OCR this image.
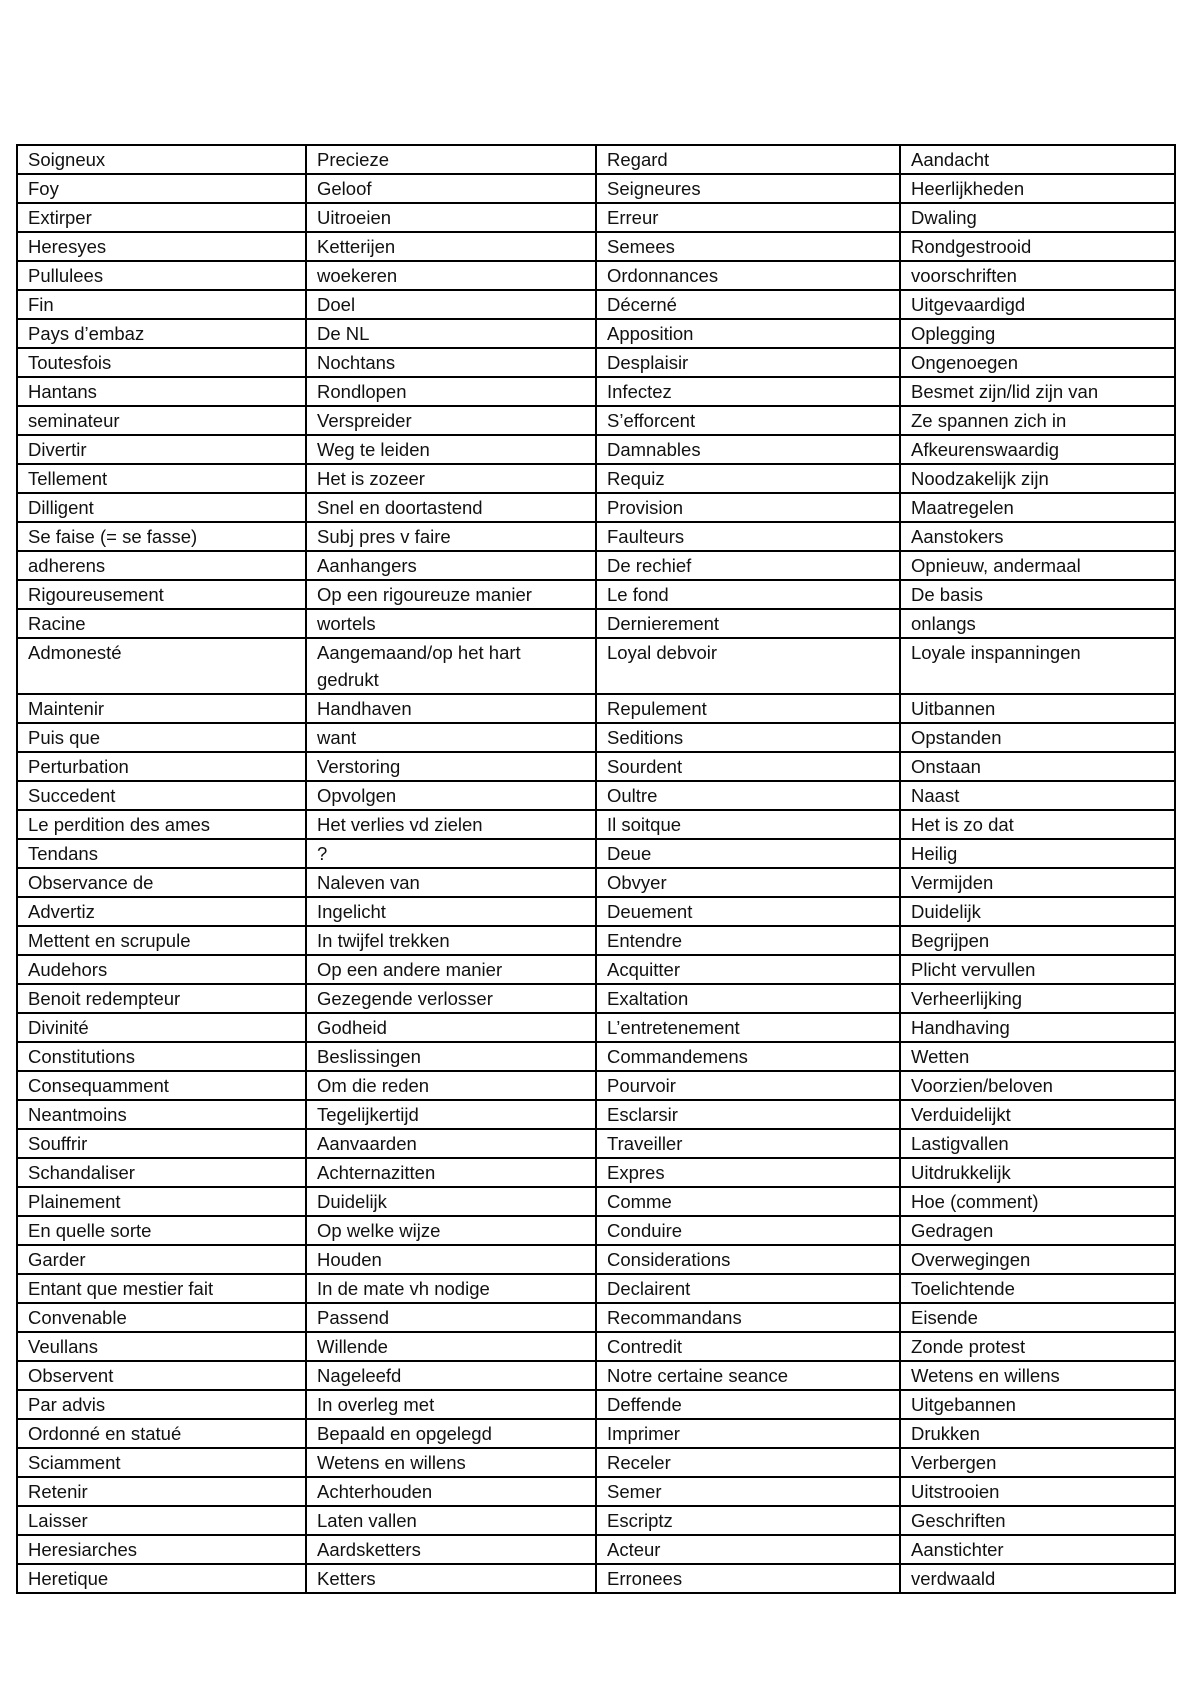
Soigneux	Precieze	Regard	Aandacht
Foy	Geloof	Seigneures	Heerlijkheden
Extirper	Uitroeien	Erreur	Dwaling
Heresyes	Ketterijen	Semees	Rondgestrooid
Pullulees	woekeren	Ordonnances	voorschriften
Fin	Doel	Décerné	Uitgevaardigd
Pays d’embaz	De NL	Apposition	Oplegging
Toutesfois	Nochtans	Desplaisir	Ongenoegen
Hantans	Rondlopen	Infectez	Besmet zijn/lid zijn van
seminateur	Verspreider	S’efforcent	Ze spannen zich in
Divertir	Weg te leiden	Damnables	Afkeurenswaardig
Tellement	Het is zozeer	Requiz	Noodzakelijk zijn
Dilligent	Snel en doortastend	Provision	Maatregelen
Se faise (= se fasse)	Subj pres v faire	Faulteurs	Aanstokers
adherens	Aanhangers	De rechief	Opnieuw, andermaal
Rigoureusement	Op een rigoureuze manier	Le fond	De basis
Racine	wortels	Dernierement	onlangs
Admonesté	Aangemaand/op het hart gedrukt	Loyal debvoir	Loyale inspanningen
Maintenir	Handhaven	Repulement	Uitbannen
Puis que	want	Seditions	Opstanden
Perturbation	Verstoring	Sourdent	Onstaan
Succedent	Opvolgen	Oultre	Naast
Le perdition des ames	Het verlies vd zielen	Il soitque	Het is zo dat
Tendans	?	Deue	Heilig
Observance de	Naleven van	Obvyer	Vermijden
Advertiz	Ingelicht	Deuement	Duidelijk
Mettent en scrupule	In twijfel trekken	Entendre	Begrijpen
Audehors	Op een andere manier	Acquitter	Plicht vervullen
Benoit redempteur	Gezegende verlosser	Exaltation	Verheerlijking
Divinité	Godheid	L’entretenement	Handhaving
Constitutions	Beslissingen	Commandemens	Wetten
Consequamment	Om die reden	Pourvoir	Voorzien/beloven
Neantmoins	Tegelijkertijd	Esclarsir	Verduidelijkt
Souffrir	Aanvaarden	Traveiller	Lastigvallen
Schandaliser	Achternazitten	Expres	Uitdrukkelijk
Plainement	Duidelijk	Comme	Hoe (comment)
En quelle sorte	Op welke wijze	Conduire	Gedragen
Garder	Houden	Considerations	Overwegingen
Entant que mestier fait	In de mate vh nodige	Declairent	Toelichtende
Convenable	Passend	Recommandans	Eisende
Veullans	Willende	Contredit	Zonde protest
Observent	Nageleefd	Notre certaine seance	Wetens en willens
Par advis	In overleg met	Deffende	Uitgebannen
Ordonné en statué	Bepaald en opgelegd	Imprimer	Drukken
Sciamment	Wetens en willens	Receler	Verbergen
Retenir	Achterhouden	Semer	Uitstrooien
Laisser	Laten vallen	Escriptz	Geschriften
Heresiarches	Aardsketters	Acteur	Aanstichter
Heretique	Ketters	Erronees	verdwaald
